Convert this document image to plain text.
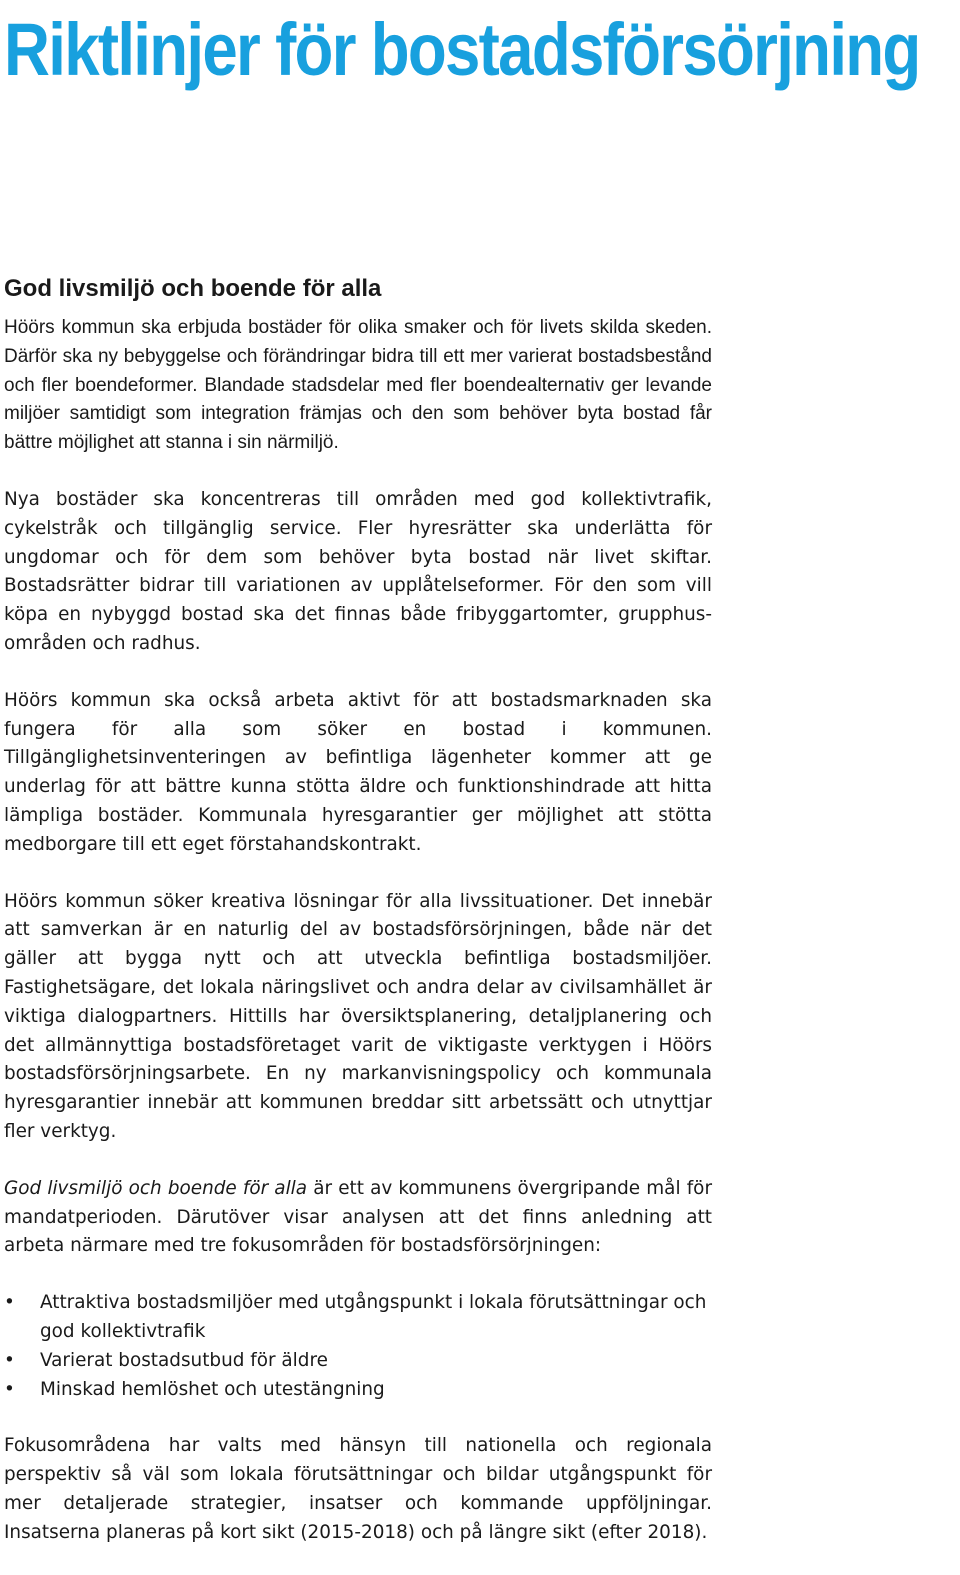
Riktlinjer för bostadsförsörjning
God livsmiljö och boende för alla

Höörs kommun ska erbjuda bostäder för olika smaker och för livets skilda skeden. Därför ska ny bebyggelse och förändringar bidra till ett mer varierat bostadsbestånd och fler boendeformer. Blandade stadsdelar med fler boendealternativ ger levande miljöer samtidigt som integration främjas och den som behöver byta bostad får bättre möjlighet att stanna i sin närmiljö.

Nya bostäder ska koncentreras till områden med god kollektivtrafik, cykelstråk och tillgänglig service. Fler hyresrätter ska underlätta för ungdomar och för dem som behöver byta bostad när livet skiftar. Bostadsrätter bidrar till variationen av upplåtelseformer. För den som vill köpa en nybyggd bostad ska det finnas både fribyggartomter, grupphus-områden och radhus.

Höörs kommun ska också arbeta aktivt för att bostadsmarknaden ska fungera för alla som söker en bostad i kommunen. Tillgänglighetsinventeringen av befintliga lägenheter kommer att ge underlag för att bättre kunna stötta äldre och funktionshindrade att hitta lämpliga bostäder. Kommunala hyresgarantier ger möjlighet att stötta medborgare till ett eget förstahandskontrakt.

Höörs kommun söker kreativa lösningar för alla livssituationer. Det innebär att samverkan är en naturlig del av bostadsförsörjningen, både när det gäller att bygga nytt och att utveckla befintliga bostadsmiljöer. Fastighetsägare, det lokala näringslivet och andra delar av civilsamhället är viktiga dialogpartners. Hittills har översiktsplanering, detaljplanering och det allmännyttiga bostadsföretaget varit de viktigaste verktygen i Höörs bostadsförsörjningsarbete. En ny markanvisningspolicy och kommunala hyresgarantier innebär att kommunen breddar sitt arbetssätt och utnyttjar fler verktyg.

God livsmiljö och boende för alla är ett av kommunens övergripande mål för mandatperioden. Därutöver visar analysen att det finns anledning att arbeta närmare med tre fokusområden för bostadsförsörjningen:

• Attraktiva bostadsmiljöer med utgångspunkt i lokala förutsättningar och god kollektivtrafik
• Varierat bostadsutbud för äldre
• Minskad hemlöshet och utestängning

Fokusområdena har valts med hänsyn till nationella och regionala perspektiv så väl som lokala förutsättningar och bildar utgångspunkt för mer detaljerade strategier, insatser och kommande uppföljningar. Insatserna planeras på kort sikt (2015-2018) och på längre sikt (efter 2018).
